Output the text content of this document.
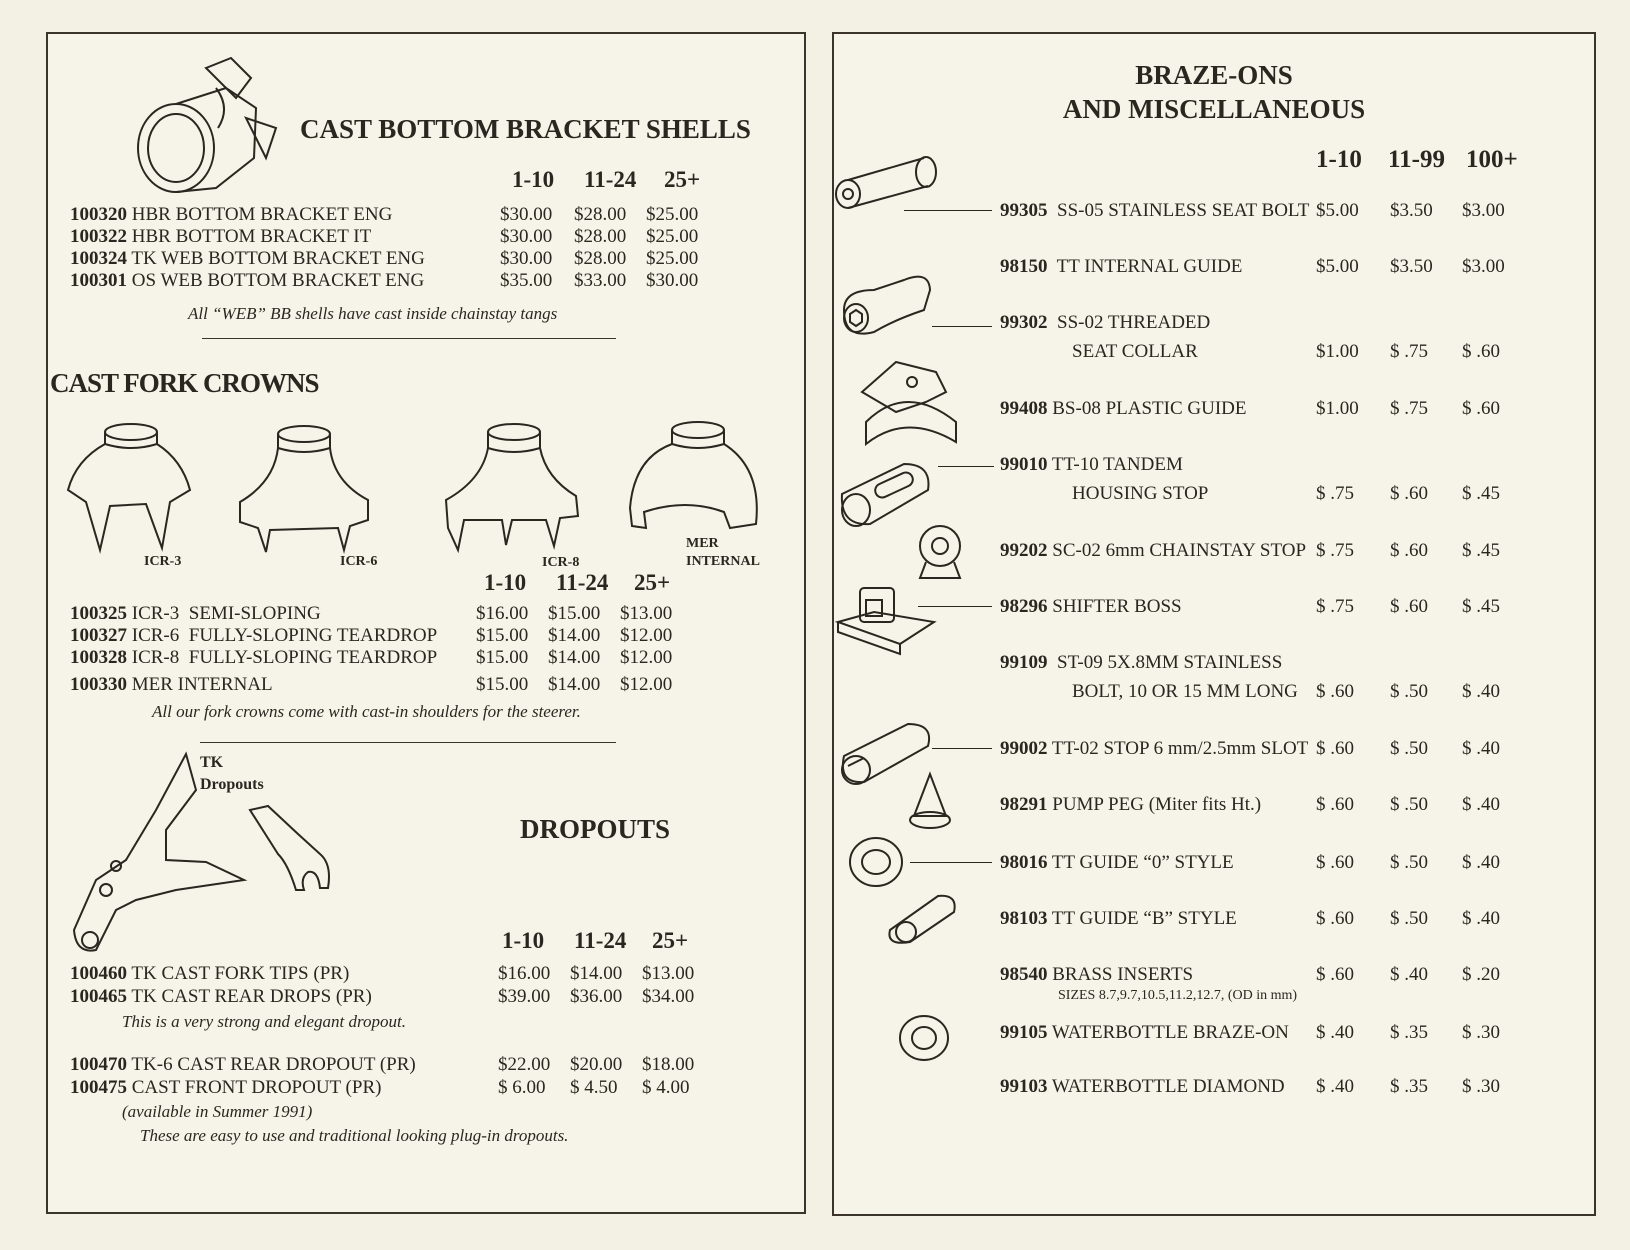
CAST BOTTOM BRACKET SHELLS
1-10 11-24 25+
100320 HBR BOTTOM BRACKET ENG
100322 HBR BOTTOM BRACKET IT
100324 TK WEB BOTTOM BRACKET ENG
100301 OS WEB BOTTOM BRACKET ENG
$30.00 $28.00 $25.00
$30.00 $28.00 $25.00
$30.00 $28.00 $25.00
$35.00 $33.00 $30.00
All “WEB” BB shells have cast inside chainstay tangs
CAST FORK CROWNS
ICR-3	ICR-6	ICR-8
MER
INTERNAL
1-10 11-24 25+
100325 ICR-3  SEMI-SLOPING
100327 ICR-6  FULLY-SLOPING TEARDROP
100328 ICR-8  FULLY-SLOPING TEARDROP
100330 MER INTERNAL
$16.00 $15.00 $13.00
$15.00 $14.00 $12.00
$15.00 $14.00 $12.00
$15.00 $14.00 $12.00
All our fork crowns come with cast-in shoulders for the steerer.
TK
Dropouts
DROPOUTS
1-10 11-24 25+
100460 TK CAST FORK TIPS (PR)
100465 TK CAST REAR DROPS (PR)
This is a very strong and elegant dropout.
100470 TK-6 CAST REAR DROPOUT (PR)
100475 CAST FRONT DROPOUT (PR)
(available in Summer 1991)
These are easy to use and traditional looking plug-in dropouts.
$16.00 $14.00 $13.00
$39.00 $36.00 $34.00
$22.00 $20.00 $18.00
$ 6.00 $ 4.50 $ 4.00
BRAZE-ONS
AND MISCELLANEOUS
1-10 11-99 100+
99305 SS-05 STAINLESS SEAT BOLT
98150 TT INTERNAL GUIDE
99302 SS-02 THREADED
SEAT COLLAR
99408 BS-08 PLASTIC GUIDE
99010 TT-10 TANDEM
HOUSING STOP
99202 SC-02 6mm CHAINSTAY STOP
98296 SHIFTER BOSS
99109 ST-09 5X.8MM STAINLESS
BOLT, 10 OR 15 MM LONG
99002 TT-02 STOP 6 mm/2.5mm SLOT
98291 PUMP PEG (Miter fits Ht.)
98016 TT GUIDE “0” STYLE
98103 TT GUIDE “B” STYLE
98540 BRASS INSERTS
SIZES 8.7,9.7,10.5,11.2,12.7, (OD in mm)
99105 WATERBOTTLE BRAZE-ON
99103 WATERBOTTLE DIAMOND
$5.00 $3.50 $3.00
$5.00 $3.50 $3.00
$1.00 $ .75 $ .60
$1.00 $ .75 $ .60
$ .75 $ .60 $ .45
$ .75 $ .60 $ .45
$ .75 $ .60 $ .45
$ .60 $ .50 $ .40
$ .60 $ .50 $ .40
$ .60 $ .50 $ .40
$ .60 $ .50 $ .40
$ .60 $ .50 $ .40
$ .60 $ .40 $ .20
$ .40 $ .35 $ .30
$ .40 $ .35 $ .30
